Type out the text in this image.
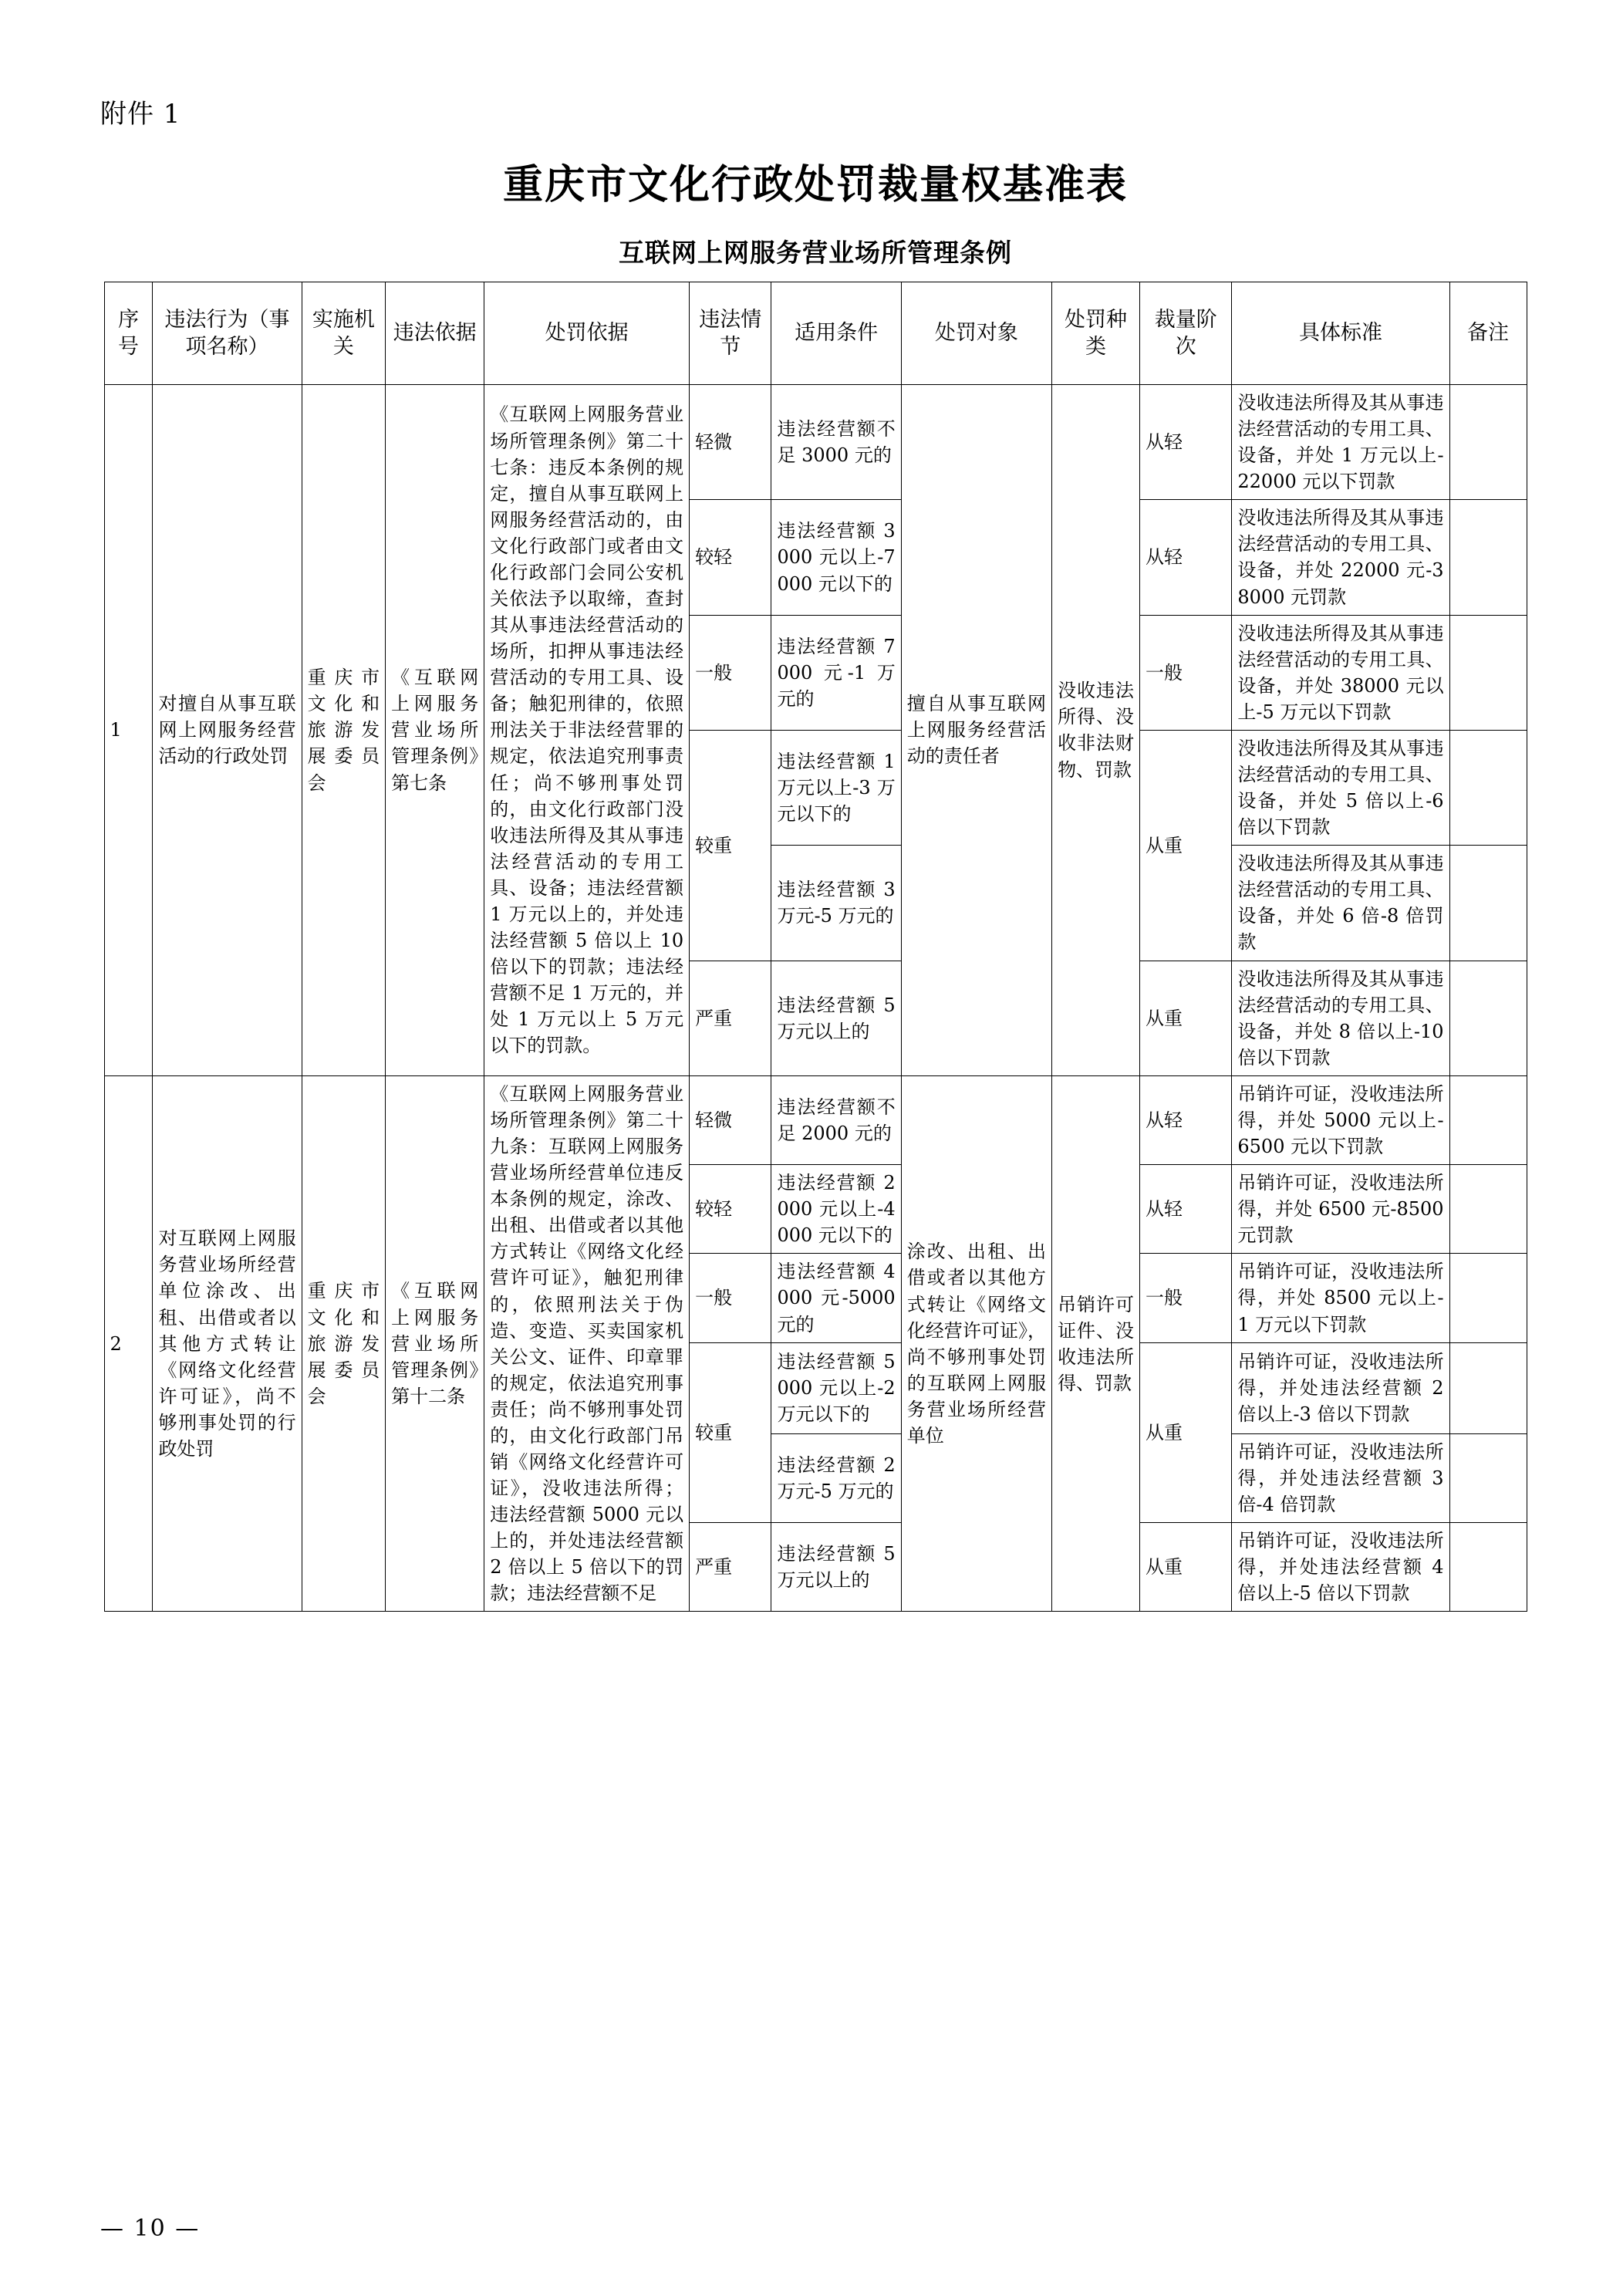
附件 1
重庆市文化行政处罚裁量权基准表
互联网上网服务营业场所管理条例
序号	违法行为（事项名称）	实施机关	违法依据	处罚依据	违法情节	适用条件	处罚对象	处罚种类	裁量阶次	具体标准	备注
1	对擅自从事互联网上网服务经营活动的行政处罚	重庆市文化和旅游发展委员会	《互联网上网服务营业场所管理条例》第七条	《互联网上网服务营业场所管理条例》第二十七条：违反本条例的规定，擅自从事互联网上网服务经营活动的，由文化行政部门或者由文化行政部门会同公安机关依法予以取缔，查封其从事违法经营活动的场所，扣押从事违法经营活动的专用工具、设备；触犯刑律的，依照刑法关于非法经营罪的规定，依法追究刑事责任；尚不够刑事处罚的，由文化行政部门没收违法所得及其从事违法经营活动的专用工具、设备；违法经营额 1 万元以上的，并处违法经营额 5 倍以上 10 倍以下的罚款；违法经营额不足 1 万元的，并处 1 万元以上 5 万元以下的罚款。	轻微	违法经营额不足 3000 元的	擅自从事互联网上网服务经营活动的责任者	没收违法所得、没收非法财物、罚款	从轻	没收违法所得及其从事违法经营活动的专用工具、设备，并处 1 万元以上-22000 元以下罚款	
					较轻	违法经营额 3000 元以上-7000 元以下的			从轻	没收违法所得及其从事违法经营活动的专用工具、设备，并处 22000 元-38000 元罚款	
					一般	违法经营额 7000 元-1 万元的			一般	没收违法所得及其从事违法经营活动的专用工具、设备，并处 38000 元以上-5 万元以下罚款	
					较重	违法经营额 1 万元以上-3 万元以下的			从重	没收违法所得及其从事违法经营活动的专用工具、设备，并处 5 倍以上-6 倍以下罚款	
						违法经营额 3 万元-5 万元的				没收违法所得及其从事违法经营活动的专用工具、设备，并处 6 倍-8 倍罚款	
					严重	违法经营额 5 万元以上的			从重	没收违法所得及其从事违法经营活动的专用工具、设备，并处 8 倍以上-10 倍以下罚款	
2	对互联网上网服务营业场所经营单位涂改、出租、出借或者以其他方式转让《网络文化经营许可证》，尚不够刑事处罚的行政处罚	重庆市文化和旅游发展委员会	《互联网上网服务营业场所管理条例》第十二条	《互联网上网服务营业场所管理条例》第二十九条：互联网上网服务营业场所经营单位违反本条例的规定，涂改、出租、出借或者以其他方式转让《网络文化经营许可证》，触犯刑律的，依照刑法关于伪造、变造、买卖国家机关公文、证件、印章罪的规定，依法追究刑事责任；尚不够刑事处罚的，由文化行政部门吊销《网络文化经营许可证》，没收违法所得；违法经营额 5000 元以上的，并处违法经营额 2 倍以上 5 倍以下的罚款；违法经营额不足	轻微	违法经营额不足 2000 元的	涂改、出租、出借或者以其他方式转让《网络文化经营许可证》，尚不够刑事处罚的互联网上网服务营业场所经营单位	吊销许可证件、没收违法所得、罚款	从轻	吊销许可证，没收违法所得，并处 5000 元以上-6500 元以下罚款	
					较轻	违法经营额 2000 元以上-4000 元以下的			从轻	吊销许可证，没收违法所得，并处 6500 元-8500 元罚款	
					一般	违法经营额 4000 元-5000 元的			一般	吊销许可证，没收违法所得，并处 8500 元以上-1 万元以下罚款	
					较重	违法经营额 5000 元以上-2 万元以下的			从重	吊销许可证，没收违法所得，并处违法经营额 2 倍以上-3 倍以下罚款	
						违法经营额 2 万元-5 万元的				吊销许可证，没收违法所得，并处违法经营额 3 倍-4 倍罚款	
					严重	违法经营额 5 万元以上的			从重	吊销许可证，没收违法所得，并处违法经营额 4 倍以上-5 倍以下罚款	
— 10 —
